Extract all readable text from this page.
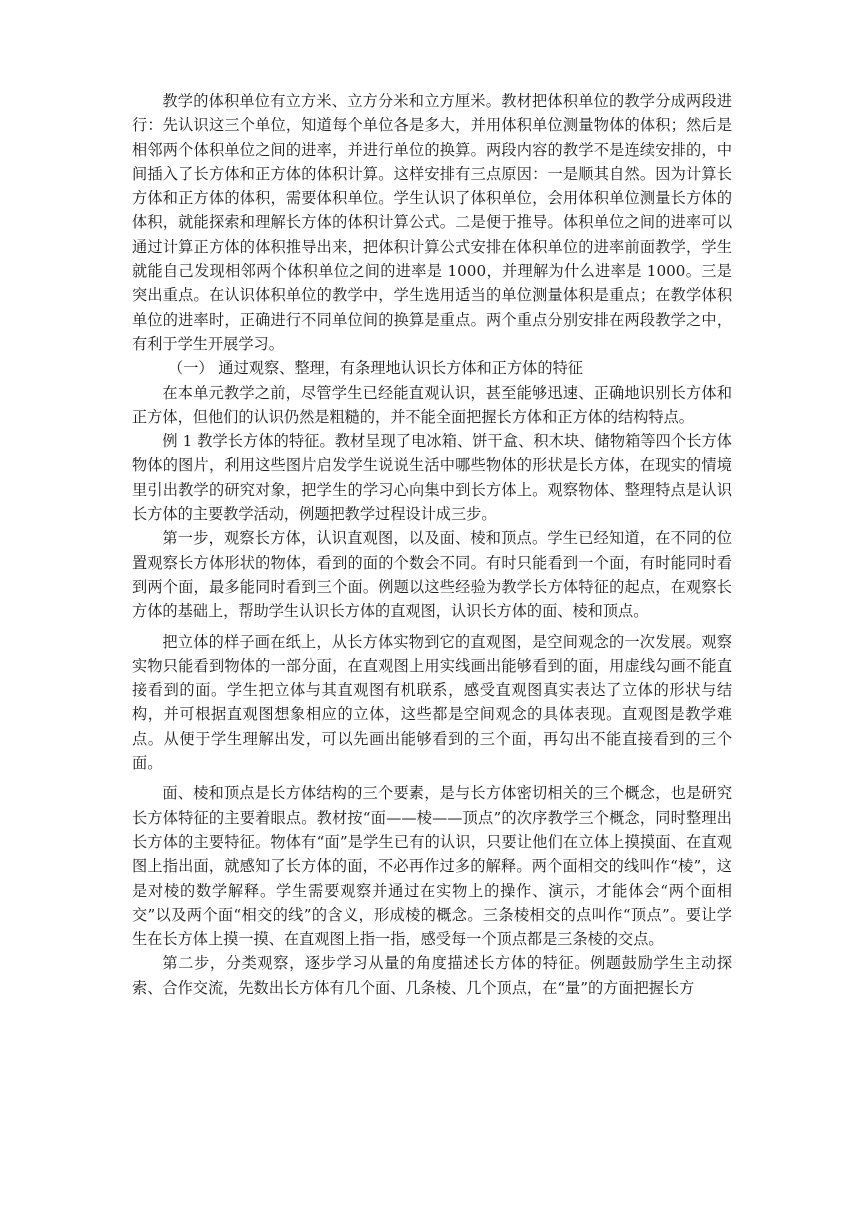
教学的体积单位有立方米、立方分米和立方厘米。教材把体积单位的教学分成两段进行：先认识这三个单位，知道每个单位各是多大，并用体积单位测量物体的体积；然后是相邻两个体积单位之间的进率，并进行单位的换算。两段内容的教学不是连续安排的，中间插入了长方体和正方体的体积计算。这样安排有三点原因：一是顺其自然。因为计算长方体和正方体的体积，需要体积单位。学生认识了体积单位，会用体积单位测量长方体的体积，就能探索和理解长方体的体积计算公式。二是便于推导。体积单位之间的进率可以通过计算正方体的体积推导出来，把体积计算公式安排在体积单位的进率前面教学，学生就能自己发现相邻两个体积单位之间的进率是 1000，并理解为什么进率是 1000。三是突出重点。在认识体积单位的教学中，学生选用适当的单位测量体积是重点；在教学体积单位的进率时，正确进行不同单位间的换算是重点。两个重点分别安排在两段教学之中，有利于学生开展学习。

（一） 通过观察、整理，有条理地认识长方体和正方体的特征

在本单元教学之前，尽管学生已经能直观认识，甚至能够迅速、正确地识别长方体和正方体，但他们的认识仍然是粗糙的，并不能全面把握长方体和正方体的结构特点。

例 1 教学长方体的特征。教材呈现了电冰箱、饼干盒、积木块、储物箱等四个长方体物体的图片，利用这些图片启发学生说说生活中哪些物体的形状是长方体，在现实的情境里引出教学的研究对象，把学生的学习心向集中到长方体上。观察物体、整理特点是认识长方体的主要教学活动，例题把教学过程设计成三步。

第一步，观察长方体，认识直观图，以及面、棱和顶点。学生已经知道，在不同的位置观察长方体形状的物体，看到的面的个数会不同。有时只能看到一个面，有时能同时看到两个面，最多能同时看到三个面。例题以这些经验为教学长方体特征的起点，在观察长方体的基础上，帮助学生认识长方体的直观图，认识长方体的面、棱和顶点。

把立体的样子画在纸上，从长方体实物到它的直观图，是空间观念的一次发展。观察实物只能看到物体的一部分面，在直观图上用实线画出能够看到的面，用虚线勾画不能直接看到的面。学生把立体与其直观图有机联系，感受直观图真实表达了立体的形状与结构，并可根据直观图想象相应的立体，这些都是空间观念的具体表现。直观图是教学难点。从便于学生理解出发，可以先画出能够看到的三个面，再勾出不能直接看到的三个面。

面、棱和顶点是长方体结构的三个要素，是与长方体密切相关的三个概念，也是研究长方体特征的主要着眼点。教材按“面——棱——顶点”的次序教学三个概念，同时整理出长方体的主要特征。物体有“面”是学生已有的认识，只要让他们在立体上摸摸面、在直观图上指出面，就感知了长方体的面，不必再作过多的解释。两个面相交的线叫作“棱”，这是对棱的数学解释。学生需要观察并通过在实物上的操作、演示，才能体会“两个面相交”以及两个面“相交的线”的含义，形成棱的概念。三条棱相交的点叫作“顶点”。要让学生在长方体上摸一摸、在直观图上指一指，感受每一个顶点都是三条棱的交点。

第二步，分类观察，逐步学习从量的角度描述长方体的特征。例题鼓励学生主动探索、合作交流，先数出长方体有几个面、几条棱、几个顶点，在“量”的方面把握长方
